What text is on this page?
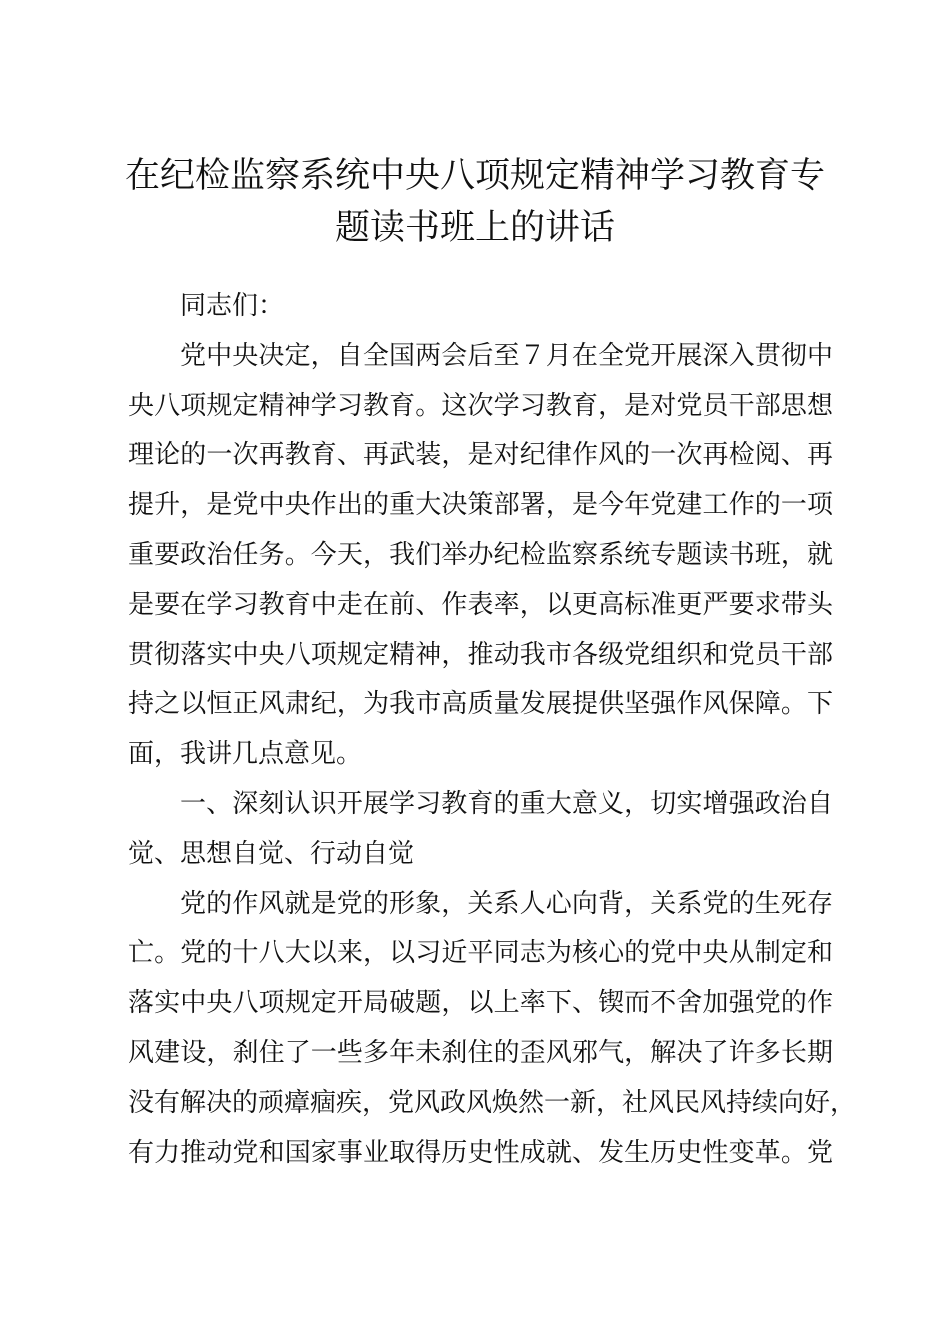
在纪检监察系统中央八项规定精神学习教育专
题读书班上的讲话
同志们：
党中央决定，自全国两会后至７月在全党开展深入贯彻中
央八项规定精神学习教育。这次学习教育，是对党员干部思想
理论的一次再教育、再武装，是对纪律作风的一次再检阅、再
提升，是党中央作出的重大决策部署，是今年党建工作的一项
重要政治任务。今天，我们举办纪检监察系统专题读书班，就
是要在学习教育中走在前、作表率，以更高标准更严要求带头
贯彻落实中央八项规定精神，推动我市各级党组织和党员干部
持之以恒正风肃纪，为我市高质量发展提供坚强作风保障。下
面，我讲几点意见。
一、深刻认识开展学习教育的重大意义，切实增强政治自
觉、思想自觉、行动自觉
党的作风就是党的形象，关系人心向背，关系党的生死存
亡。党的十八大以来，以习近平同志为核心的党中央从制定和
落实中央八项规定开局破题，以上率下、锲而不舍加强党的作
风建设，刹住了一些多年未刹住的歪风邪气，解决了许多长期
没有解决的顽瘴痼疾，党风政风焕然一新，社风民风持续向好，
有力推动党和国家事业取得历史性成就、发生历史性变革。党
